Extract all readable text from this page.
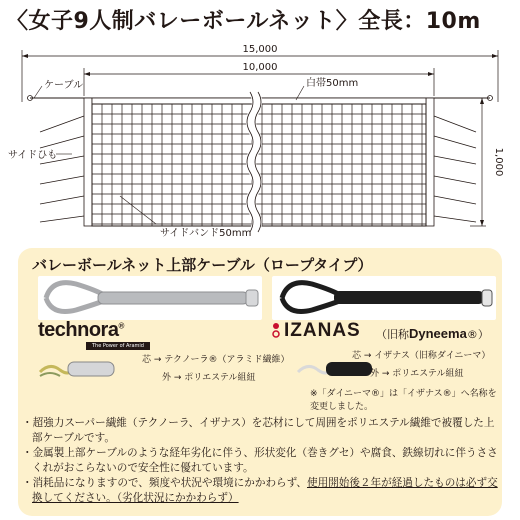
〈女子9人制バレーボールネット〉全長：10m
15,000
10,000
1,000
ケーブル	白帯50mm
サイドひも
サイドバンド50mm
バレーボールネット上部ケーブル（ロープタイプ）
technora®
The Power of Aramid
IZANAS （旧称Dyneema®）
芯 → テクノーラ®（アラミド繊維）
外 → ポリエステル組紐
芯 → イザナス（旧称ダイニーマ）
外 → ポリエステル組紐
※「ダイニーマ®」は「イザナス®」へ名称を変更しました。

・超強力スーパー繊維（テクノーラ、イザナス）を芯材にして周囲をポリエステル繊維で被覆した上部ケーブルです。

・金属製上部ケーブルのような経年劣化に伴う、形状変化（巻きグセ）や腐食、鉄線切れに伴うささくれがおこらないので安全性に優れています。

・消耗品になりますので、頻度や状況や環境にかかわらず、使用開始後２年が経過したものは必ず交換してください。（劣化状況にかかわらず）
